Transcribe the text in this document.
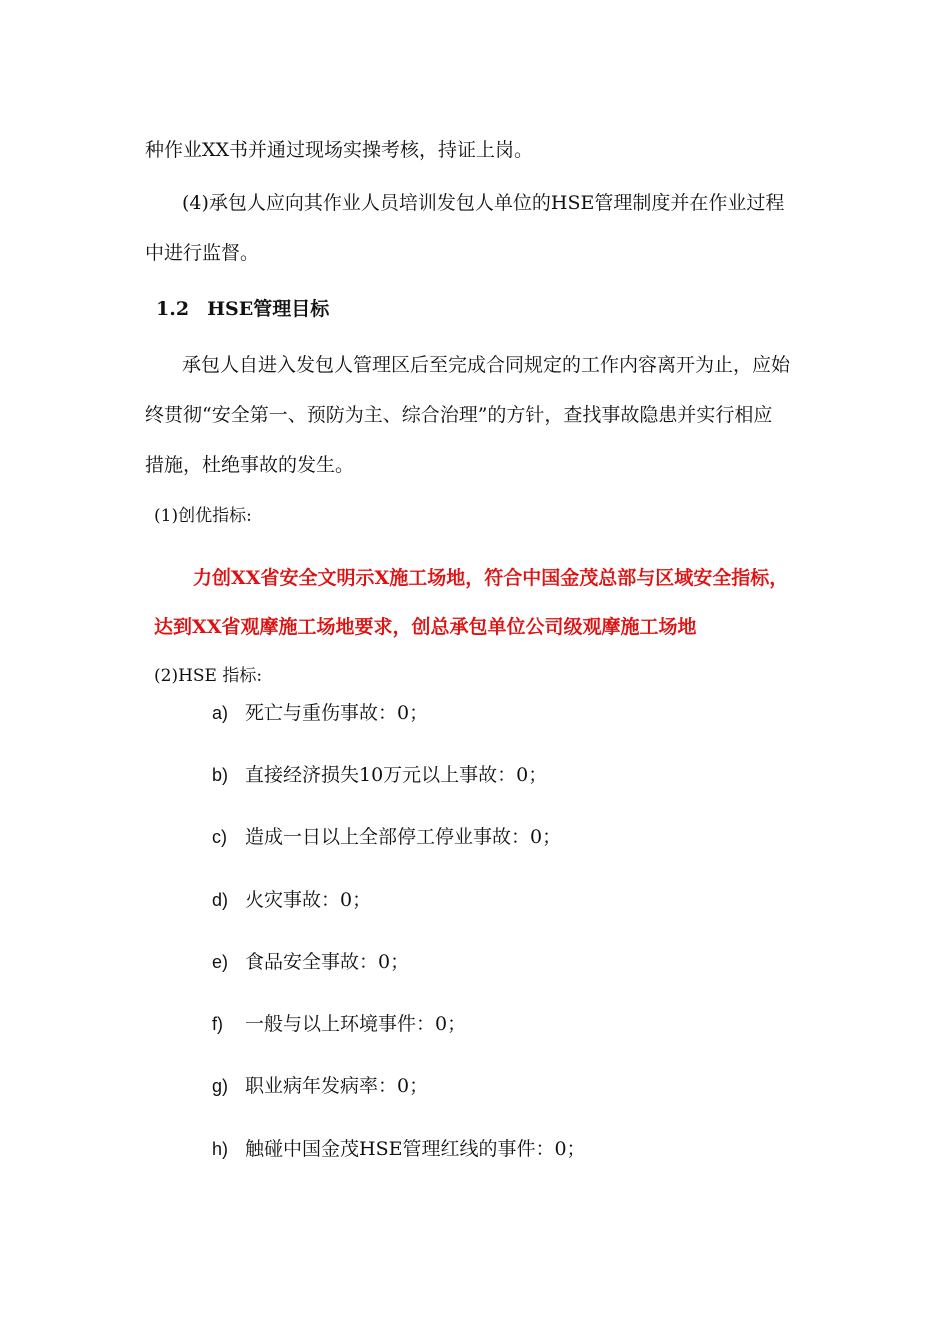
种作业XX书并通过现场实操考核，持证上岗。
(4)承包人应向其作业人员培训发包人单位的HSE管理制度并在作业过程
中进行监督。
1.2 HSE管理目标
承包人自进入发包人管理区后至完成合同规定的工作内容离开为止，应始
终贯彻“安全第一、预防为主、综合治理”的方针，查找事故隐患并实行相应
措施，杜绝事故的发生。
(1)创优指标:
力创XX省安全文明示X施工场地，符合中国金茂总部与区域安全指标，
达到XX省观摩施工场地要求，创总承包单位公司级观摩施工场地
(2)HSE 指标:
a) 死亡与重伤事故：0；
b) 直接经济损失10万元以上事故：0；
c) 造成一日以上全部停工停业事故：0；
d) 火灾事故：0；
e) 食品安全事故：0；
f) 一般与以上环境事件：0；
g) 职业病年发病率：0；
h) 触碰中国金茂HSE管理红线的事件：0；
